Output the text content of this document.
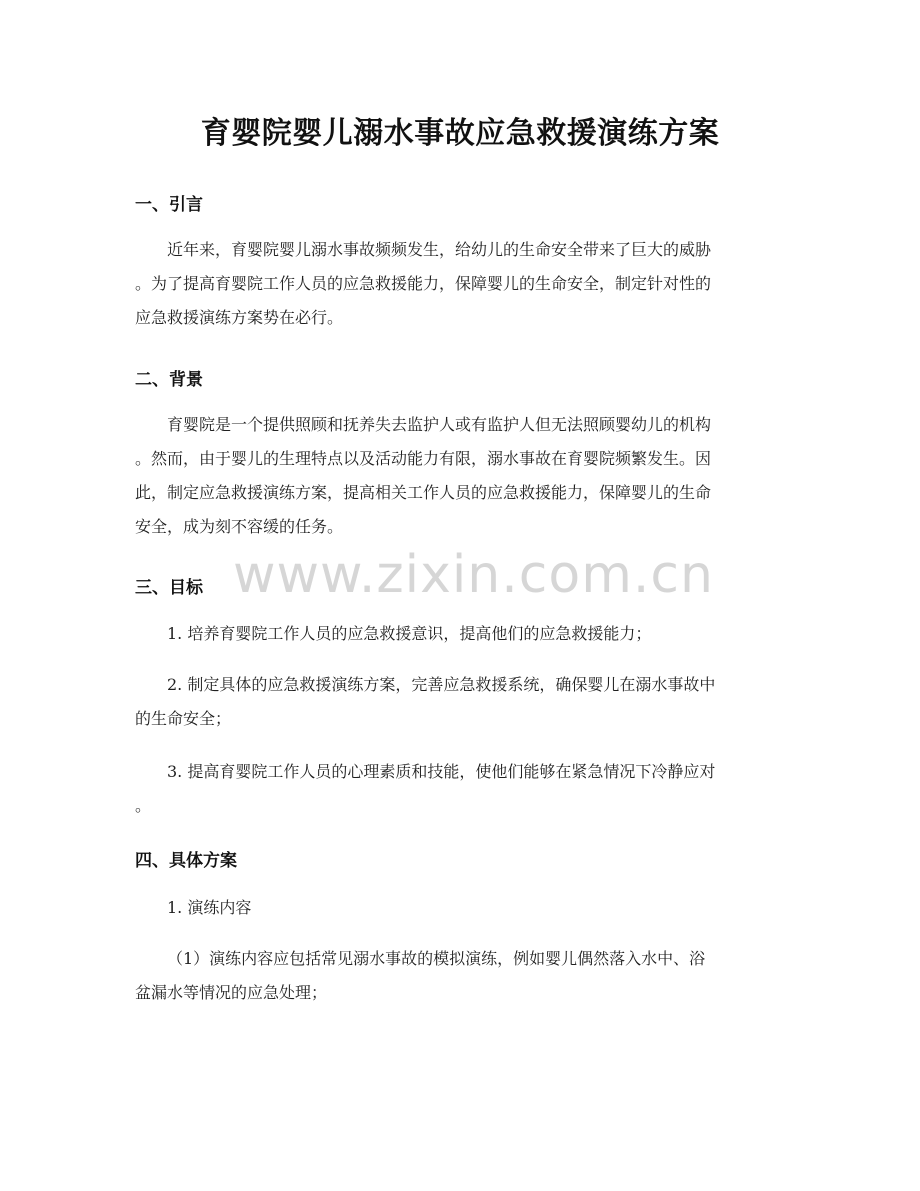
育婴院婴儿溺水事故应急救援演练方案
一、引言
近年来，育婴院婴儿溺水事故频频发生，给幼儿的生命安全带来了巨大的威胁
。为了提高育婴院工作人员的应急救援能力，保障婴儿的生命安全，制定针对性的
应急救援演练方案势在必行。
二、背景
育婴院是一个提供照顾和抚养失去监护人或有监护人但无法照顾婴幼儿的机构
。然而，由于婴儿的生理特点以及活动能力有限，溺水事故在育婴院频繁发生。因
此，制定应急救援演练方案，提高相关工作人员的应急救援能力，保障婴儿的生命
安全，成为刻不容缓的任务。
三、目标
1. 培养育婴院工作人员的应急救援意识，提高他们的应急救援能力；
2. 制定具体的应急救援演练方案，完善应急救援系统，确保婴儿在溺水事故中
的生命安全；
3. 提高育婴院工作人员的心理素质和技能，使他们能够在紧急情况下冷静应对
。
四、具体方案
1. 演练内容
（1）演练内容应包括常见溺水事故的模拟演练，例如婴儿偶然落入水中、浴
盆漏水等情况的应急处理；
www.zixin.com.cn
